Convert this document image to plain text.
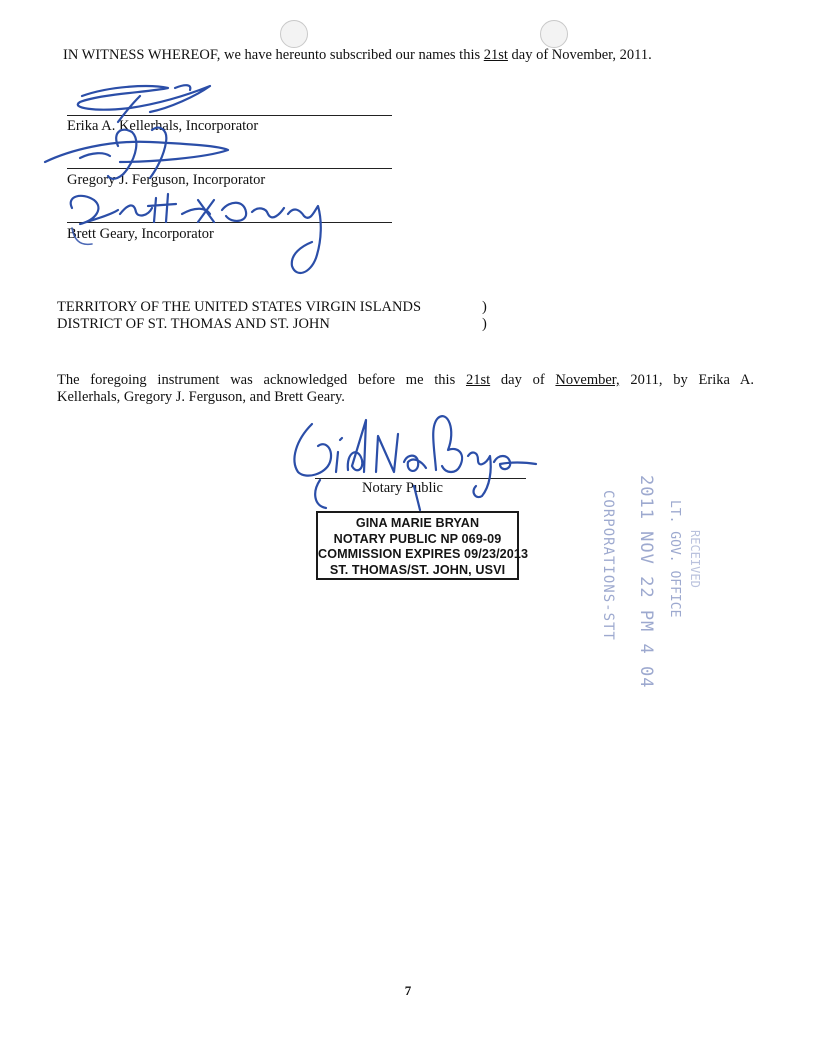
IN WITNESS WHEREOF, we have hereunto subscribed our names this 21st day of November, 2011.
Erika A. Kellerhals, Incorporator
Gregory J. Ferguson, Incorporator
Brett Geary, Incorporator
TERRITORY OF THE UNITED STATES VIRGIN ISLANDS	)
DISTRICT OF ST. THOMAS AND ST. JOHN	)
The foregoing instrument was acknowledged before me this 21st day of November, 2011, by Erika A.
Kellerhals, Gregory J. Ferguson, and Brett Geary.
Notary Public
GINA MARIE BRYAN
NOTARY PUBLIC NP 069-09
COMMISSION EXPIRES 09/23/2013
ST. THOMAS/ST. JOHN, USVI	2011 NOV 22 PM 4 04 LT. GOV. OFFICE RECEIVED
CORPORATIONS-STT
7
